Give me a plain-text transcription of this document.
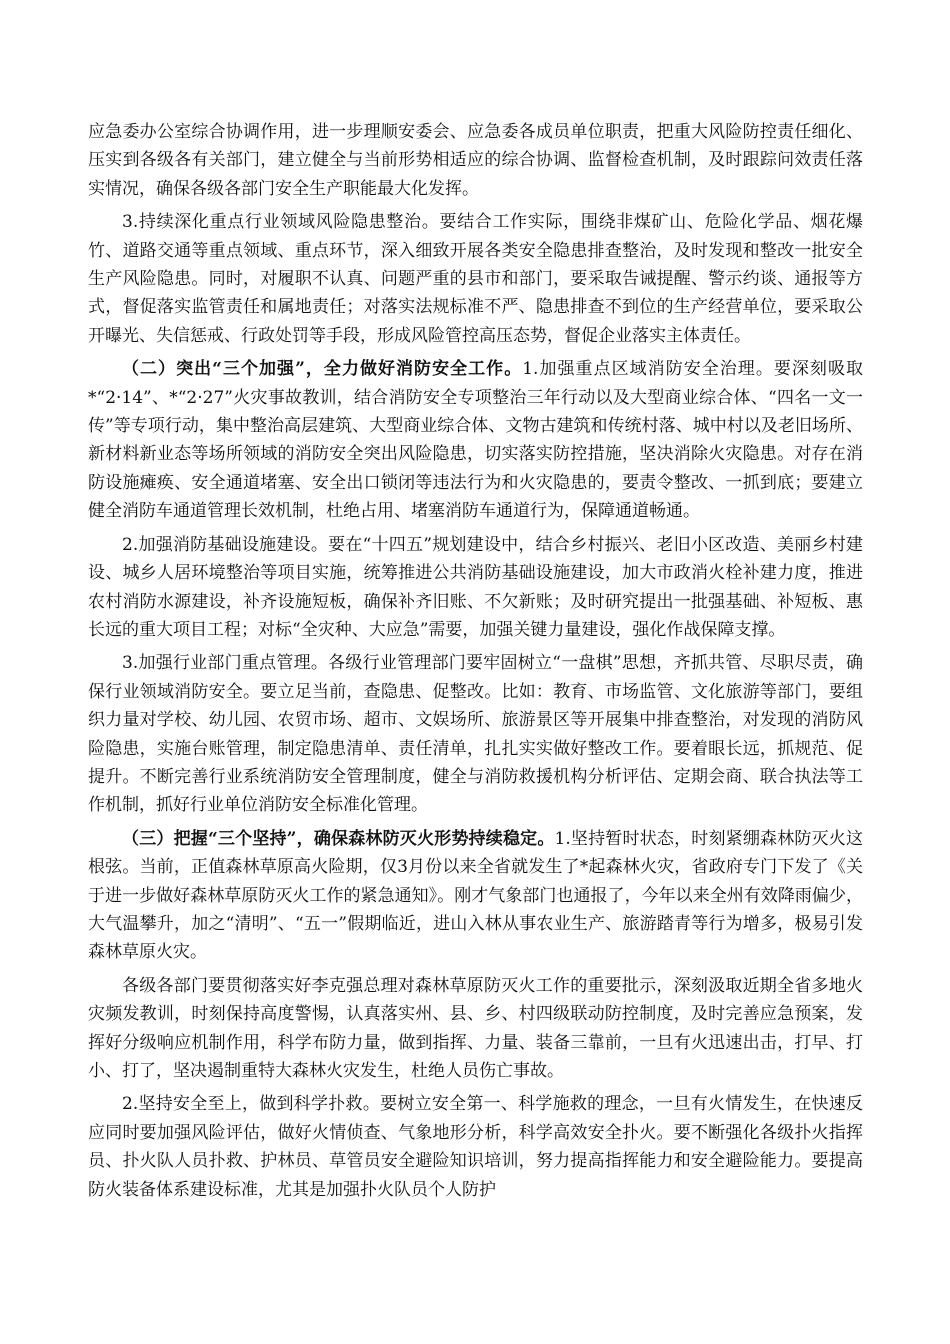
应急委办公室综合协调作用，进一步理顺安委会、应急委各成员单位职责，把重大风险防控责任细化、压实到各级各有关部门，建立健全与当前形势相适应的综合协调、监督检查机制，及时跟踪问效责任落实情况，确保各级各部门安全生产职能最大化发挥。

3.持续深化重点行业领域风险隐患整治。要结合工作实际，围绕非煤矿山、危险化学品、烟花爆竹、道路交通等重点领域、重点环节，深入细致开展各类安全隐患排查整治，及时发现和整改一批安全生产风险隐患。同时，对履职不认真、问题严重的县市和部门，要采取告诫提醒、警示约谈、通报等方式，督促落实监管责任和属地责任；对落实法规标准不严、隐患排查不到位的生产经营单位，要采取公开曝光、失信惩戒、行政处罚等手段，形成风险管控高压态势，督促企业落实主体责任。

（二）突出“三个加强”，全力做好消防安全工作。1.加强重点区域消防安全治理。要深刻吸取*“2·14”、*“2·27”火灾事故教训，结合消防安全专项整治三年行动以及大型商业综合体、“四名一文一传”等专项行动，集中整治高层建筑、大型商业综合体、文物古建筑和传统村落、城中村以及老旧场所、新材料新业态等场所领域的消防安全突出风险隐患，切实落实防控措施，坚决消除火灾隐患。对存在消防设施瘫痪、安全通道堵塞、安全出口锁闭等违法行为和火灾隐患的，要责令整改、一抓到底；要建立健全消防车通道管理长效机制，杜绝占用、堵塞消防车通道行为，保障通道畅通。

2.加强消防基础设施建设。要在“十四五”规划建设中，结合乡村振兴、老旧小区改造、美丽乡村建设、城乡人居环境整治等项目实施，统筹推进公共消防基础设施建设，加大市政消火栓补建力度，推进农村消防水源建设，补齐设施短板，确保补齐旧账、不欠新账；及时研究提出一批强基础、补短板、惠长远的重大项目工程；对标“全灾种、大应急”需要，加强关键力量建设，强化作战保障支撑。

3.加强行业部门重点管理。各级行业管理部门要牢固树立“一盘棋”思想，齐抓共管、尽职尽责，确保行业领域消防安全。要立足当前，查隐患、促整改。比如：教育、市场监管、文化旅游等部门，要组织力量对学校、幼儿园、农贸市场、超市、文娱场所、旅游景区等开展集中排查整治，对发现的消防风险隐患，实施台账管理，制定隐患清单、责任清单，扎扎实实做好整改工作。要着眼长远，抓规范、促提升。不断完善行业系统消防安全管理制度，健全与消防救援机构分析评估、定期会商、联合执法等工作机制，抓好行业单位消防安全标准化管理。

（三）把握“三个坚持”，确保森林防灭火形势持续稳定。1.坚持暂时状态，时刻紧绷森林防灭火这根弦。当前，正值森林草原高火险期，仅3月份以来全省就发生了*起森林火灾，省政府专门下发了《关于进一步做好森林草原防灭火工作的紧急通知》。刚才气象部门也通报了，今年以来全州有效降雨偏少，大气温攀升，加之“清明”、“五一”假期临近，进山入林从事农业生产、旅游踏青等行为增多，极易引发森林草原火灾。

各级各部门要贯彻落实好李克强总理对森林草原防灭火工作的重要批示，深刻汲取近期全省多地火灾频发教训，时刻保持高度警惕，认真落实州、县、乡、村四级联动防控制度，及时完善应急预案，发挥好分级响应机制作用，科学布防力量，做到指挥、力量、装备三靠前，一旦有火迅速出击，打早、打小、打了，坚决遏制重特大森林火灾发生，杜绝人员伤亡事故。

2.坚持安全至上，做到科学扑救。要树立安全第一、科学施救的理念，一旦有火情发生，在快速反应同时要加强风险评估，做好火情侦查、气象地形分析，科学高效安全扑火。要不断强化各级扑火指挥员、扑火队人员扑救、护林员、草管员安全避险知识培训，努力提高指挥能力和安全避险能力。要提高防火装备体系建设标准，尤其是加强扑火队员个人防护
